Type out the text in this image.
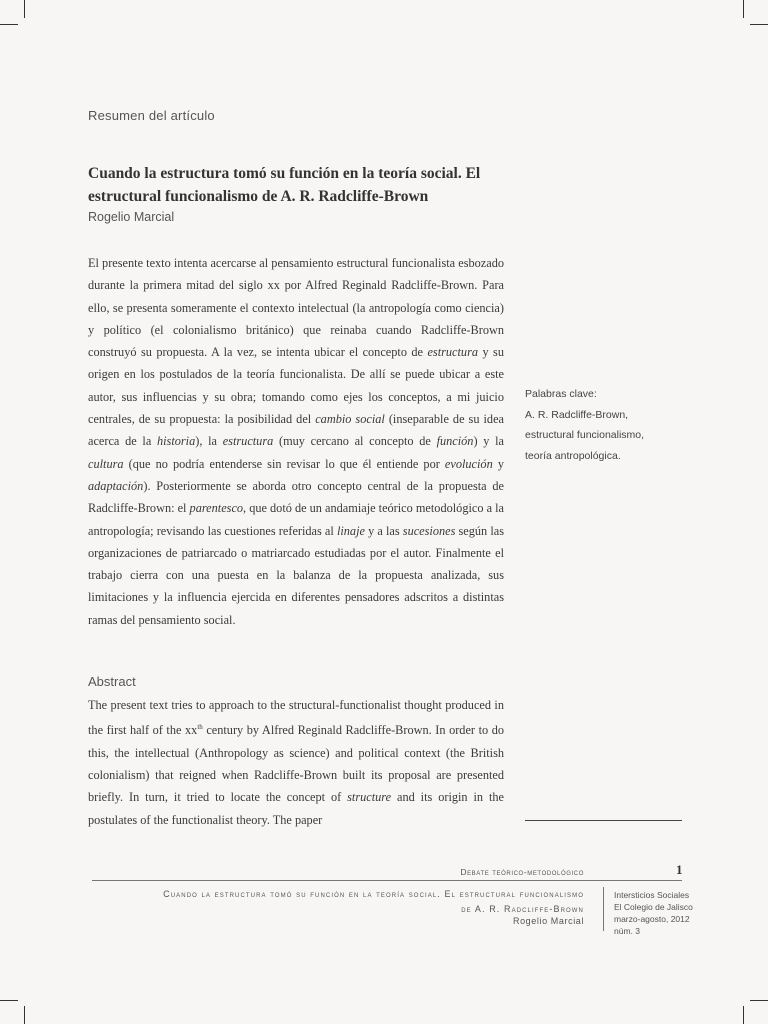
Resumen del artículo
Cuando la estructura tomó su función en la teoría social. El estructural funcionalismo de A. R. Radcliffe-Brown
Rogelio Marcial
El presente texto intenta acercarse al pensamiento estructural funcionalista esbozado durante la primera mitad del siglo xx por Alfred Reginald Radcliffe-Brown. Para ello, se presenta someramente el contexto intelectual (la antropología como ciencia) y político (el colonialismo británico) que reinaba cuando Radcliffe-Brown construyó su propuesta. A la vez, se intenta ubicar el concepto de estructura y su origen en los postulados de la teoría funcionalista. De allí se puede ubicar a este autor, sus influencias y su obra; tomando como ejes los conceptos, a mi juicio centrales, de su propuesta: la posibilidad del cambio social (inseparable de su idea acerca de la historia), la estructura (muy cercano al concepto de función) y la cultura (que no podría entenderse sin revisar lo que él entiende por evolución y adaptación). Posteriormente se aborda otro concepto central de la propuesta de Radcliffe-Brown: el parentesco, que dotó de un andamiaje teórico metodológico a la antropología; revisando las cuestiones referidas al linaje y a las sucesiones según las organizaciones de patriarcado o matriarcado estudiadas por el autor. Finalmente el trabajo cierra con una puesta en la balanza de la propuesta analizada, sus limitaciones y la influencia ejercida en diferentes pensadores adscritos a distintas ramas del pensamiento social.
Abstract
The present text tries to approach to the structural-functionalist thought produced in the first half of the $xx^{th}$ century by Alfred Reginald Radcliffe-Brown. In order to do this, the intellectual (Anthropology as science) and political context (the British colonialism) that reigned when Radcliffe-Brown built its proposal are presented briefly. In turn, it tried to locate the concept of structure and its origin in the postulates of the functionalist theory. The paper
Palabras clave:
A. R. Radcliffe-Brown,
estructural funcionalismo,
teoría antropológica.
Debate teórico-metodológico	1
Cuando la estructura tomó su función en la teoría social. El estructural funcionalismo
de A. R. Radcliffe-Brown
Rogelio Marcial
Intersticios Sociales
El Colegio de Jalisco
marzo-agosto, 2012
núm. 3
